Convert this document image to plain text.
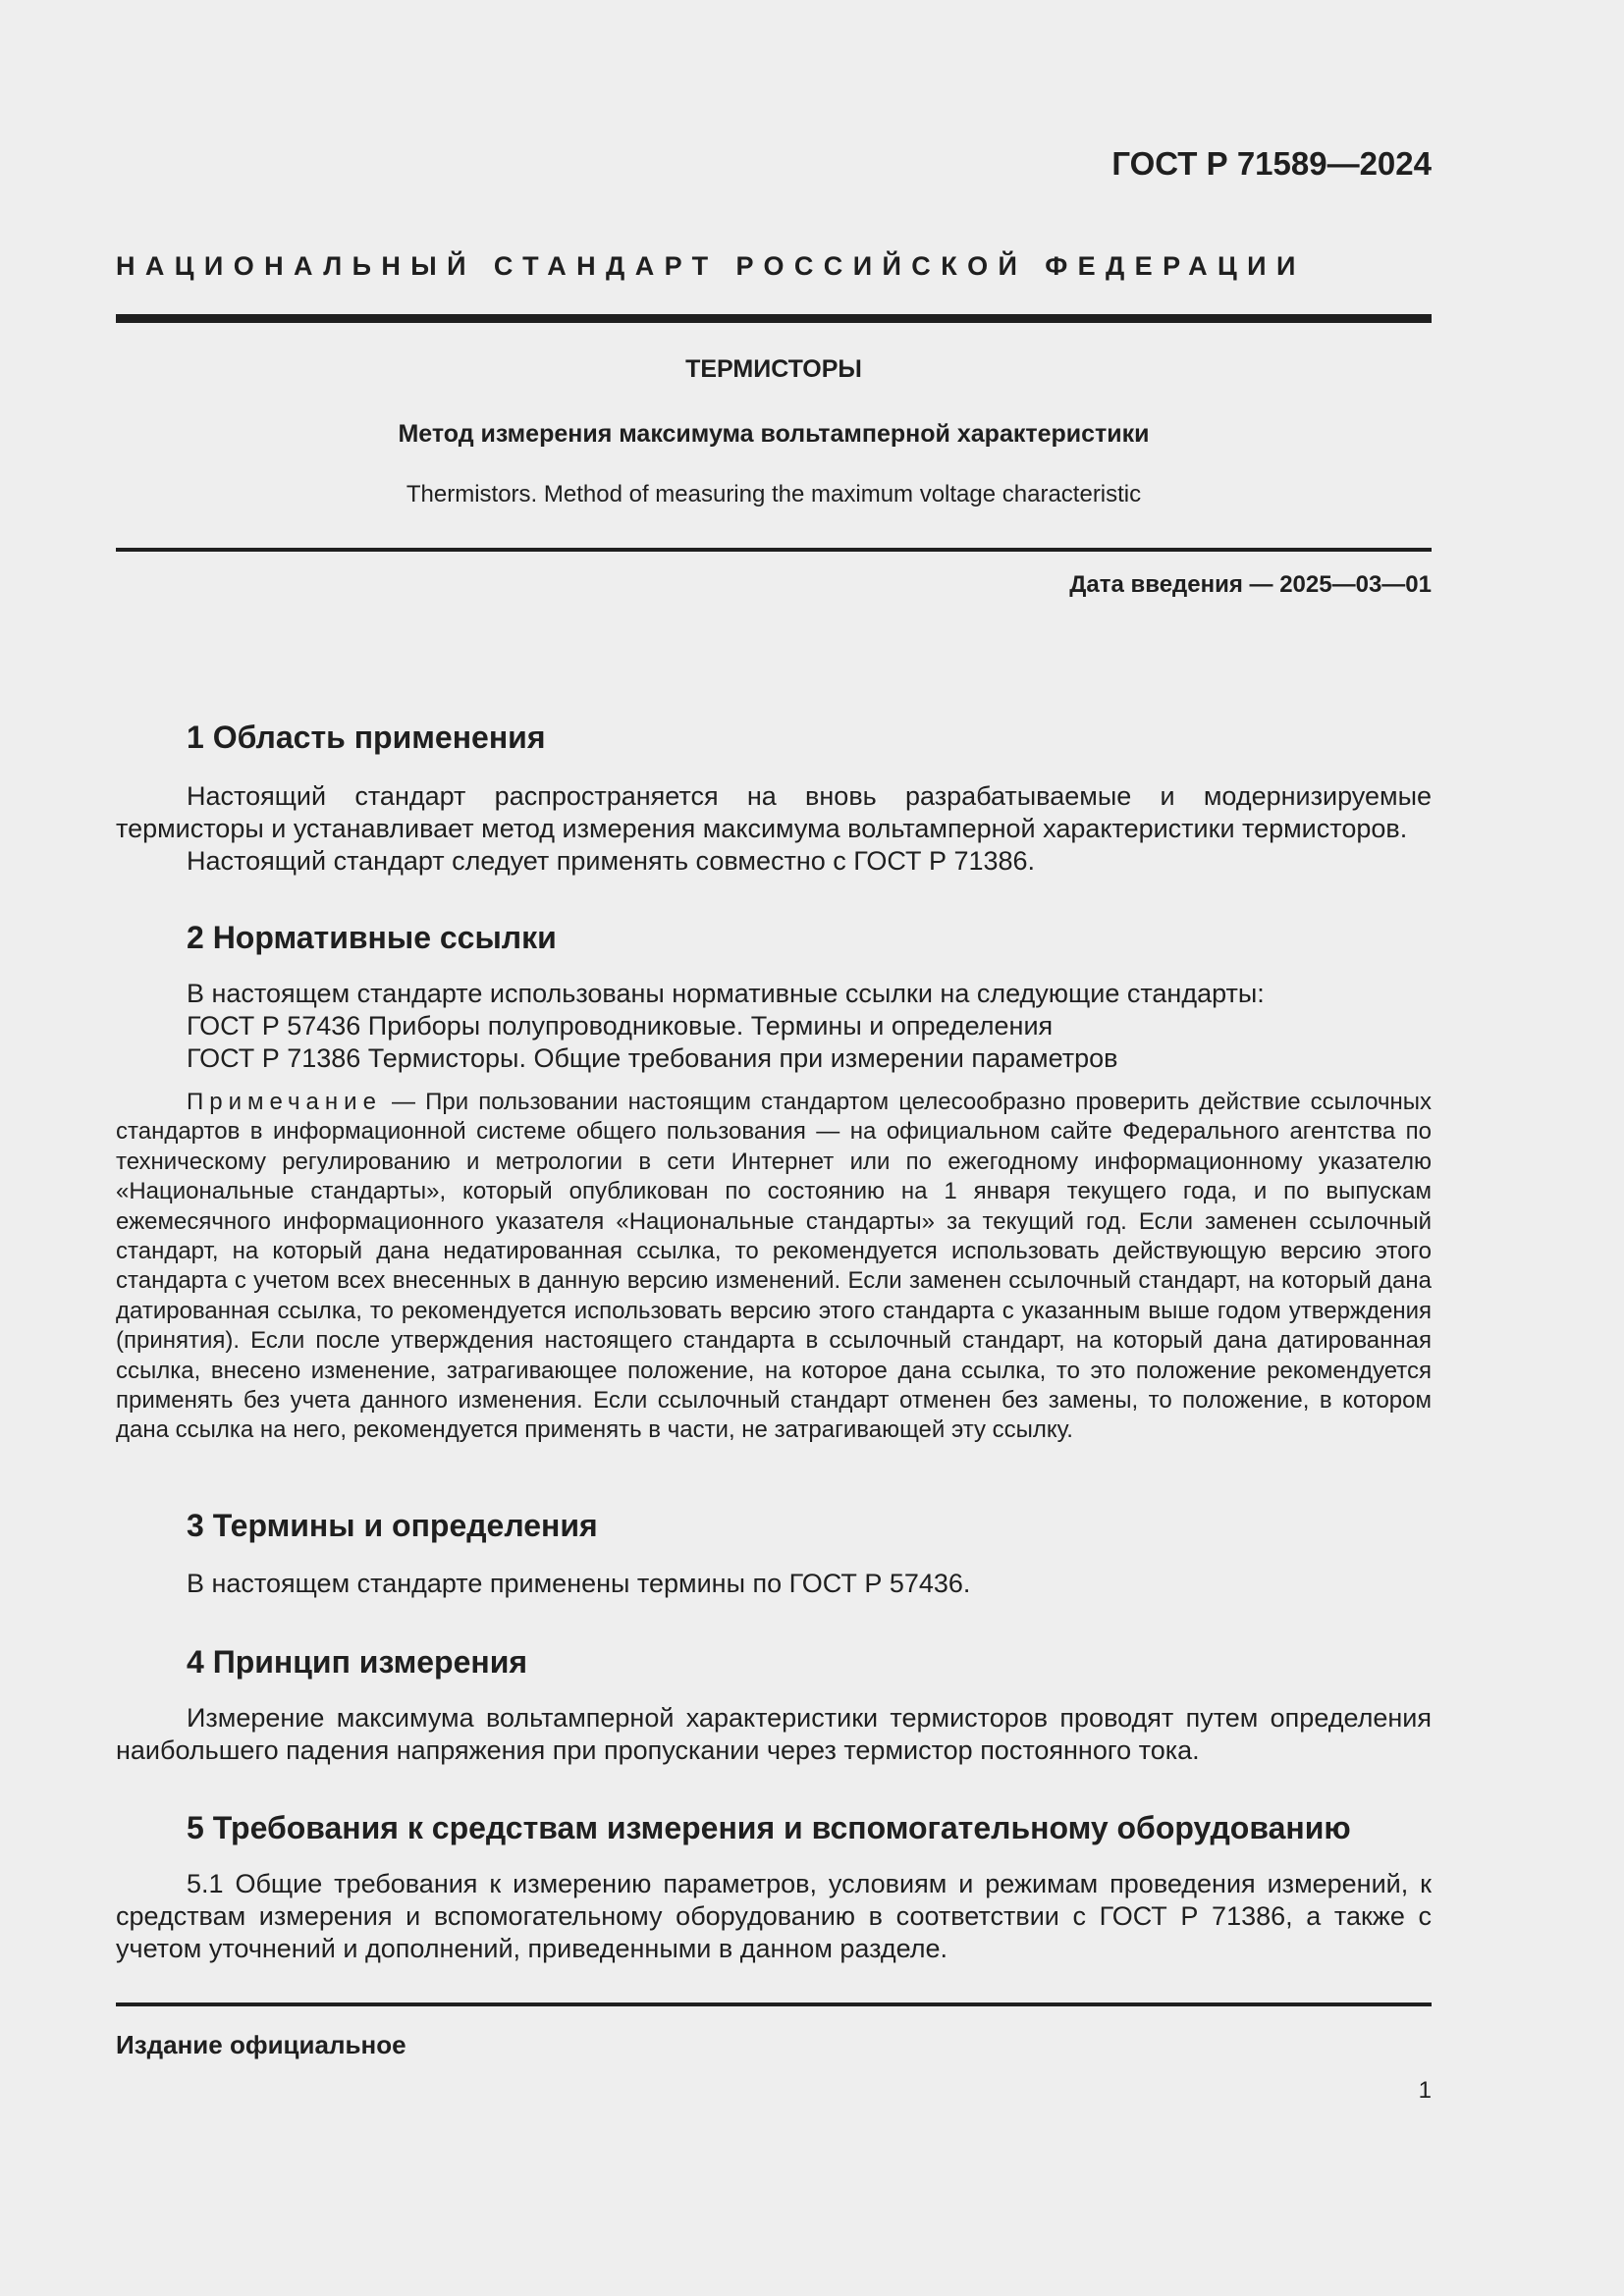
ГОСТ Р 71589—2024
НАЦИОНАЛЬНЫЙ СТАНДАРТ РОССИЙСКОЙ ФЕДЕРАЦИИ
ТЕРМИСТОРЫ
Метод измерения максимума вольтамперной характеристики
Thermistors. Method of measuring the maximum voltage characteristic
Дата введения — 2025—03—01
1 Область применения
Настоящий стандарт распространяется на вновь разрабатываемые и модернизируемые термисторы и устанавливает метод измерения максимума вольтамперной характеристики термисторов.
Настоящий стандарт следует применять совместно с ГОСТ Р 71386.
2 Нормативные ссылки
В настоящем стандарте использованы нормативные ссылки на следующие стандарты:
ГОСТ Р 57436 Приборы полупроводниковые. Термины и определения
ГОСТ Р 71386 Термисторы. Общие требования при измерении параметров
Примечание — При пользовании настоящим стандартом целесообразно проверить действие ссылочных стандартов в информационной системе общего пользования — на официальном сайте Федерального агентства по техническому регулированию и метрологии в сети Интернет или по ежегодному информационному указателю «Национальные стандарты», который опубликован по состоянию на 1 января текущего года, и по выпускам ежемесячного информационного указателя «Национальные стандарты» за текущий год. Если заменен ссылочный стандарт, на который дана недатированная ссылка, то рекомендуется использовать действующую версию этого стандарта с учетом всех внесенных в данную версию изменений. Если заменен ссылочный стандарт, на который дана датированная ссылка, то рекомендуется использовать версию этого стандарта с указанным выше годом утверждения (принятия). Если после утверждения настоящего стандарта в ссылочный стандарт, на который дана датированная ссылка, внесено изменение, затрагивающее положение, на которое дана ссылка, то это положение рекомендуется применять без учета данного изменения. Если ссылочный стандарт отменен без замены, то положение, в котором дана ссылка на него, рекомендуется применять в части, не затрагивающей эту ссылку.
3 Термины и определения
В настоящем стандарте применены термины по ГОСТ Р 57436.
4 Принцип измерения
Измерение максимума вольтамперной характеристики термисторов проводят путем определения наибольшего падения напряжения при пропускании через термистор постоянного тока.
5 Требования к средствам измерения и вспомогательному оборудованию
5.1 Общие требования к измерению параметров, условиям и режимам проведения измерений, к средствам измерения и вспомогательному оборудованию в соответствии с ГОСТ Р 71386, а также с учетом уточнений и дополнений, приведенными в данном разделе.
Издание официальное
1
